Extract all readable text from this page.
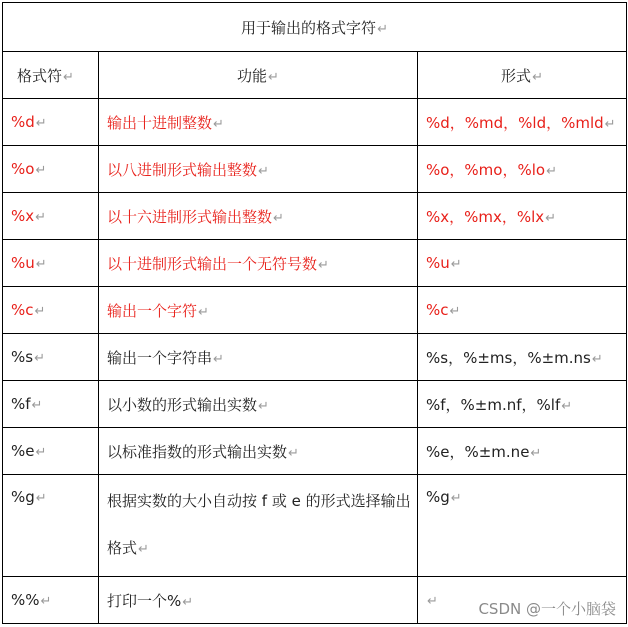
用于输出的格式字符↵		
格式符↵	功能↵	形式↵
%d↵	输出十进制整数↵	%d，%md，%ld，%mld↵
%o↵	以八进制形式输出整数↵	%o，%mo，%lo↵
%x↵	以十六进制形式输出整数↵	%x，%mx，%lx↵
%u↵	以十进制形式输出一个无符号数↵	%u↵
%c↵	输出一个字符↵	%c↵
%s↵	输出一个字符串↵	%s，%±ms，%±m.ns↵
%f↵	以小数的形式输出实数↵	%f，%±m.nf，%lf↵
%e↵	以标准指数的形式输出实数↵	%e，%±m.ne↵
%g↵	根据实数的大小自动按 f 或 e 的形式选择输出格式↵	%g↵
%%↵	打印一个%↵	↵	CSDN @一个小脑袋
